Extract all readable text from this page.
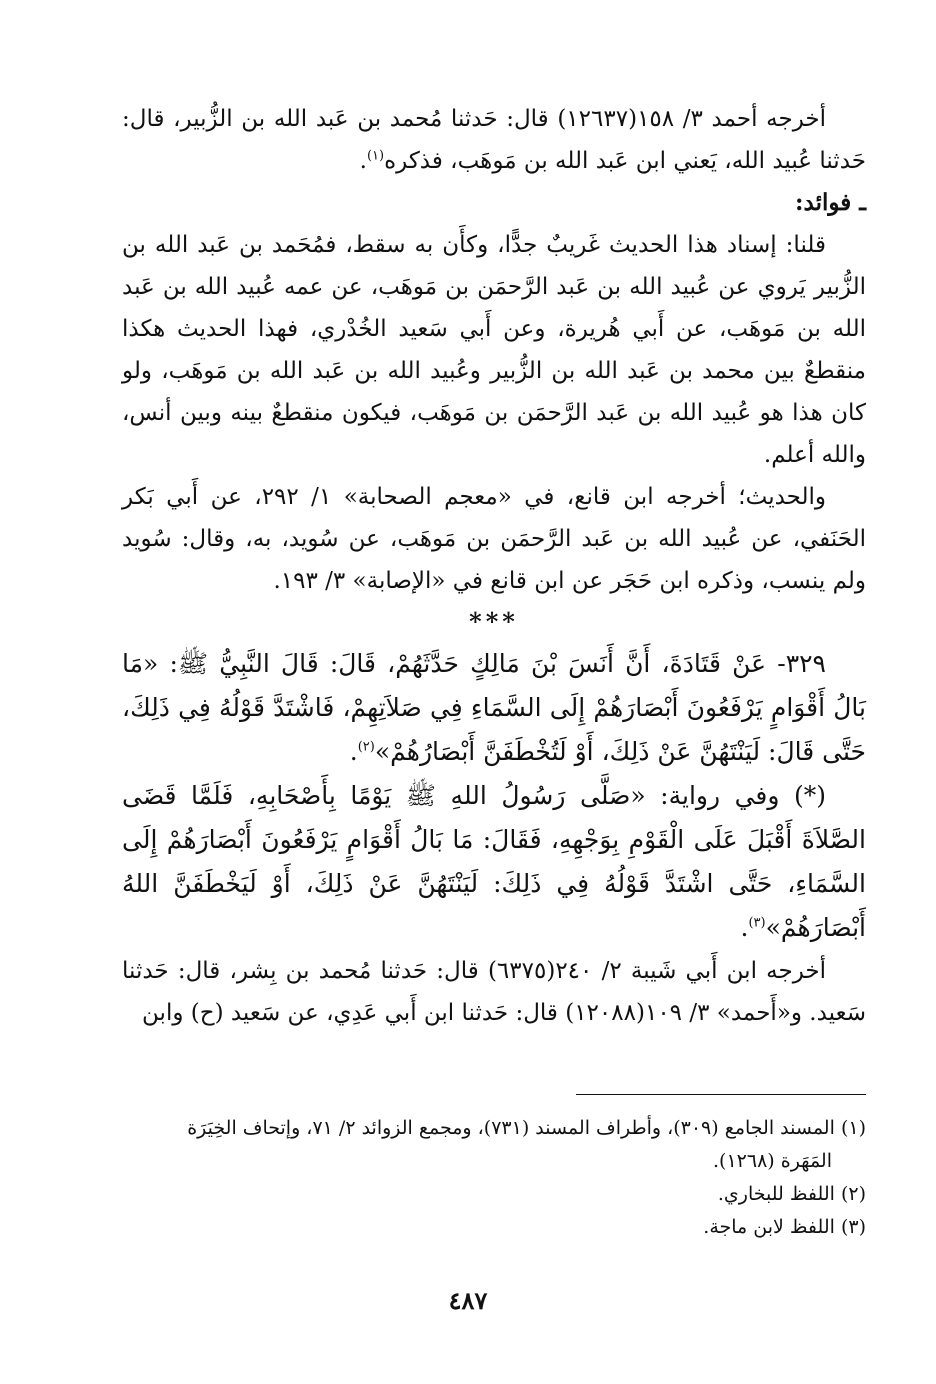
أخرجه أحمد ٣/ ١٥٨(١٢٦٣٧) قال: حَدثنا مُحمد بن عَبد الله بن الزُّبير، قال: حَدثنا عُبيد الله، يَعني ابن عَبد الله بن مَوهَب، فذكره$^{(١)}$.

ـ فوائد:

قلنا: إسناد هذا الحديث غَريبٌ جدًّا، وكأَن به سقط، فمُحَمد بن عَبد الله بن الزُّبير يَروي عن عُبيد الله بن عَبد الرَّحمَن بن مَوهَب، عن عمه عُبيد الله بن عَبد الله بن مَوهَب، عن أَبي هُريرة، وعن أَبي سَعيد الخُدْري، فهذا الحديث هكذا منقطعٌ بين محمد بن عَبد الله بن الزُّبير وعُبيد الله بن عَبد الله بن مَوهَب، ولو كان هذا هو عُبيد الله بن عَبد الرَّحمَن بن مَوهَب، فيكون منقطعٌ بينه وبين أنس، والله أعلم.

والحديث؛ أخرجه ابن قانع، في «معجم الصحابة» ١/ ٢٩٢، عن أَبي بَكر الحَنَفي، عن عُبيد الله بن عَبد الرَّحمَن بن مَوهَب، عن سُويد، به، وقال: سُويد ولم ينسب، وذكره ابن حَجَر عن ابن قانع في «الإصابة» ٣/ ١٩٣.

***

٣٢٩- عَنْ قَتَادَةَ، أَنَّ أَنَسَ بْنَ مَالِكٍ حَدَّثَهُمْ، قَالَ: قَالَ النَّبِيُّ ﷺ: «مَا بَالُ أَقْوَامٍ يَرْفَعُونَ أَبْصَارَهُمْ إِلَى السَّمَاءِ فِي صَلاَتِهِمْ، فَاشْتَدَّ قَوْلُهُ فِي ذَلِكَ، حَتَّى قَالَ: لَيَنْتَهُنَّ عَنْ ذَلِكَ، أَوْ لَتُخْطَفَنَّ أَبْصَارُهُمْ»$^{(٢)}$.

(*) وفي رواية: «صَلَّى رَسُولُ اللهِ ﷺ يَوْمًا بِأَصْحَابِهِ، فَلَمَّا قَضَى الصَّلاَةَ أَقْبَلَ عَلَى الْقَوْمِ بِوَجْهِهِ، فَقَالَ: مَا بَالُ أَقْوَامٍ يَرْفَعُونَ أَبْصَارَهُمْ إِلَى السَّمَاءِ، حَتَّى اشْتَدَّ قَوْلُهُ فِي ذَلِكَ: لَيَنْتَهُنَّ عَنْ ذَلِكَ، أَوْ لَيَخْطَفَنَّ اللهُ أَبْصَارَهُمْ»$^{(٣)}$.

أخرجه ابن أَبي شَيبة ٢/ ٢٤٠(٦٣٧٥) قال: حَدثنا مُحمد بن بِشر، قال: حَدثنا سَعيد. و«أَحمد» ٣/ ١٠٩(١٢٠٨٨) قال: حَدثنا ابن أَبي عَدِي، عن سَعيد (ح) وابن

(١) المسند الجامع (٣٠٩)، وأطراف المسند (٧٣١)، ومجمع الزوائد ٢/ ٧١، وإتحاف الخِيَرَة
المَهَرة (١٢٦٨).

(٢) اللفظ للبخاري.

(٣) اللفظ لابن ماجة.

٤٨٧
